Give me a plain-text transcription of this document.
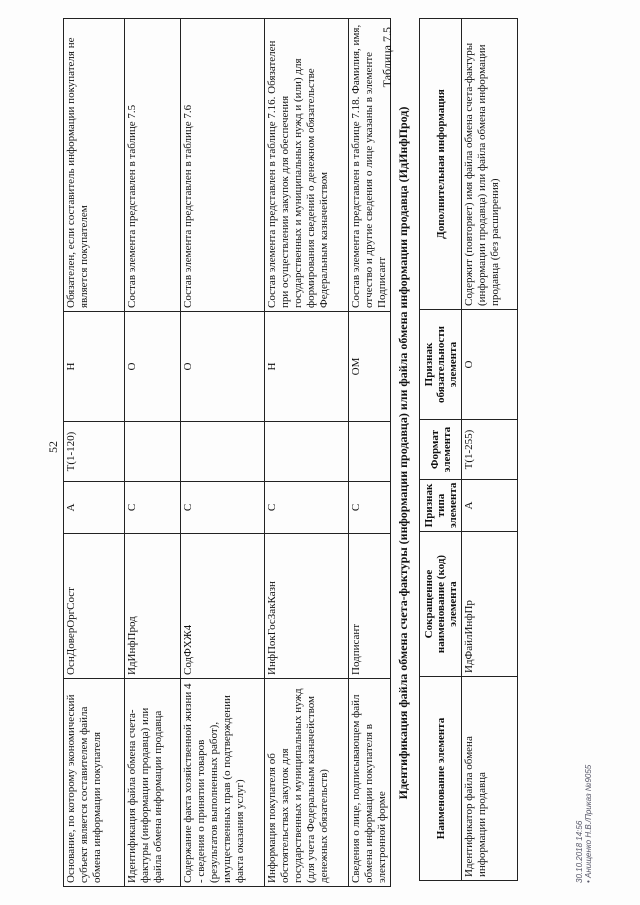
52
Основание, по которому экономический субъект является составителем файла обмена информации покупателя	ОснДоверОргСост	А	Т(1-120)	Н	Обязателен, если составитель информации покупателя не является покупателем
Идентификация файла обмена счета-фактуры (информации продавца) или файла обмена информации продавца	ИдИнфПрод	С		О	Состав элемента представлен в таблице 7.5
Содержание факта хозяйственной жизни 4 - сведения о принятии товаров (результатов выполненных работ), имущественных прав (о подтверждении факта оказания услуг)	СодФХЖ4	С		О	Состав элемента представлен в таблице 7.6
Информация покупателя об обстоятельствах закупок для государственных и муниципальных нужд (для учета Федеральным казначейством денежных обязательств)	ИнфПокГосЗакКазн	С		Н	Состав элемента представлен в таблице 7.16. Обязателен при осуществлении закупок для обеспечения государственных и муниципальных нужд и (или) для формирования сведений о денежном обязательстве Федеральным казначейством
Сведения о лице, подписывающем файл обмена информации покупателя в электронной форме	Подписант	С		ОМ	Состав элемента представлен в таблице 7.18. Фамилия, имя, отчество и другие сведения о лице указаны в элементе Подписант
Таблица 7.5
Идентификация файла обмена счета-фактуры (информации продавца) или файла обмена информации продавца (ИдИнфПрод) Наименование элемента	Сокращенное наименование (код) элемента	Признак типа элемента	Формат элемента	Признак обязательности элемента	Дополнительная информация
Идентификатор файла обмена информации продавца	ИдФайлИнфПр	А	Т(1-255)	О	Содержит (повторяет) имя файла обмена счета-фактуры (информации продавца) или файла обмена информации продавца (без расширения)
30.10.2018 14:56
• Анищенко Н.В./Приказ №9055
